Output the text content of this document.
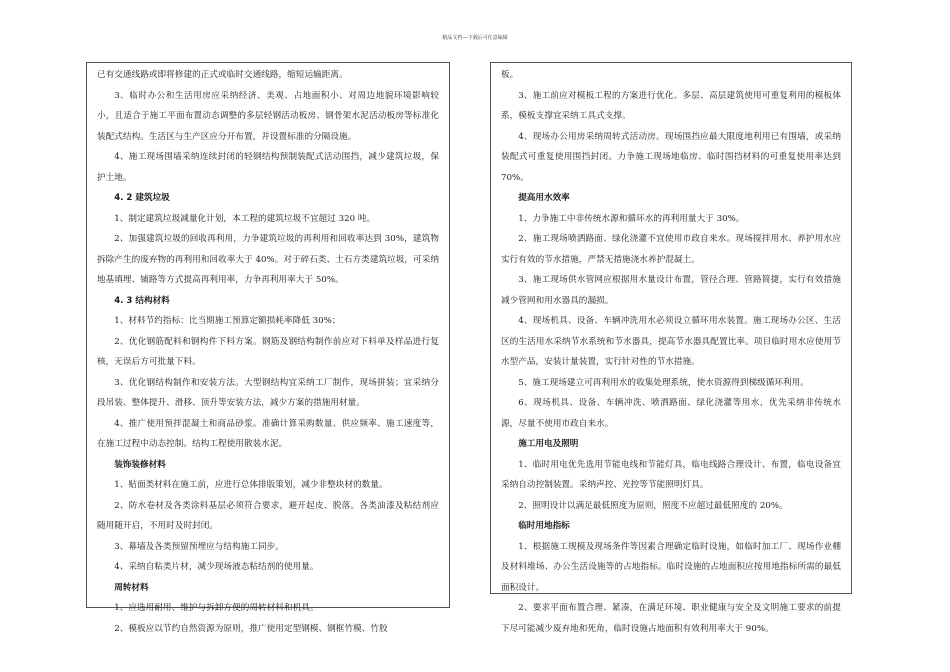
精品文档---下载后可任意编辑

已有交通线路或即将修建的正式或临时交通线路，缩短运输距离。

3、临时办公和生活用房应采纳经济、美观、占地面积小、对周边地貌环境影响较小，且适合于施工平面布置动态调整的多层轻钢活动板房、钢骨架水泥活动板房等标准化装配式结构。生活区与生产区应分开布置，并设置标准的分隔设施。

4、施工现场围墙采纳连续封闭的轻钢结构预制装配式活动围挡，减少建筑垃圾，保护土地。

4. 2 建筑垃圾

1、制定建筑垃圾减量化计划，本工程的建筑垃圾不宜超过 320 吨。

2、加强建筑垃圾的回收再利用，力争建筑垃圾的再利用和回收率达到 30%，建筑物拆除产生的废弃物的再利用和回收率大于 40%。对于碎石类、土石方类建筑垃圾，可采纳地基填埋、铺路等方式提高再利用率，力争再利用率大于 50%。

4. 3 结构材料

1、材料节约指标：比当期施工预算定额损耗率降低 30%；

2、优化钢筋配料和钢构件下料方案。钢筋及钢结构制作前应对下料单及样品进行复核，无误后方可批量下料。

3、优化钢结构制作和安装方法。大型钢结构宜采纳工厂制作，现场拼装；宜采纳分段吊装、整体提升、滑移、顶升等安装方法，减少方案的措施用材量。

4、推广使用预拌混凝土和商品砂浆。准确计算采购数量、供应频率、施工速度等，在施工过程中动态控制。结构工程使用散装水泥。

装饰装修材料

1、贴面类材料在施工前，应进行总体排版策划，减少非整块材的数量。

2、防水卷材及各类涂料基层必须符合要求，避开起皮、脱落。各类油漆及粘结剂应随用随开启，不用时及时封闭。

3、幕墙及各类预留预埋应与结构施工同步。

4、采纳自粘类片材，减少现场液态粘结剂的使用量。

周转材料

1、应选用耐用、维护与拆卸方便的周转材料和机具。

2、模板应以节约自然资源为原则，推广使用定型钢模、钢框竹模、竹胶

板。

3、施工前应对模板工程的方案进行优化。多层、高层建筑使用可重复利用的模板体系，模板支撑宜采纳工具式支撑。

4、现场办公用房采纳周转式活动房。现场围挡应最大限度地利用已有围墙，或采纳装配式可重复使用围挡封闭。力争施工现场地临房、临时围挡材料的可重复使用率达到 70%。

提高用水效率

1、力争施工中非传统水源和循环水的再利用量大于 30%。

2、施工现场喷洒路面、绿化浇灌不宜使用市政自来水。现场搅拌用水、养护用水应实行有效的节水措施，严禁无措施浇水养护混凝土。

3、施工现场供水管网应根据用水量设计布置，管径合理、管路简捷，实行有效措施减少管网和用水器具的漏损。

4、现场机具、设备、车辆冲洗用水必须设立循环用水装置。施工现场办公区、生活区的生活用水采纳节水系统和节水器具，提高节水器具配置比率。项目临时用水应使用节水型产品，安装计量装置，实行针对性的节水措施。

5、施工现场建立可再利用水的收集处理系统，使水资源得到梯级循环利用。

6、现场机具、设备、车辆冲洗、喷洒路面、绿化浇灌等用水，优先采纳非传统水源，尽量不使用市政自来水。

施工用电及照明

1、临时用电优先选用节能电线和节能灯具，临电线路合理设计、布置，临电设备宜采纳自动控制装置。采纳声控、光控等节能照明灯具。

2、照明设计以满足最低照度为原则，照度不应超过最低照度的 20%。

临时用地指标

1、根据施工规模及现场条件等因素合理确定临时设施，如临时加工厂、现场作业棚及材料堆场、办公生活设施等的占地指标。临时设施的占地面积应按用地指标所需的最低面积设计。

2、要求平面布置合理、紧凑，在满足环境、职业健康与安全及文明施工要求的前提下尽可能减少废弃地和死角，临时设施占地面积有效利用率大于 90%。
